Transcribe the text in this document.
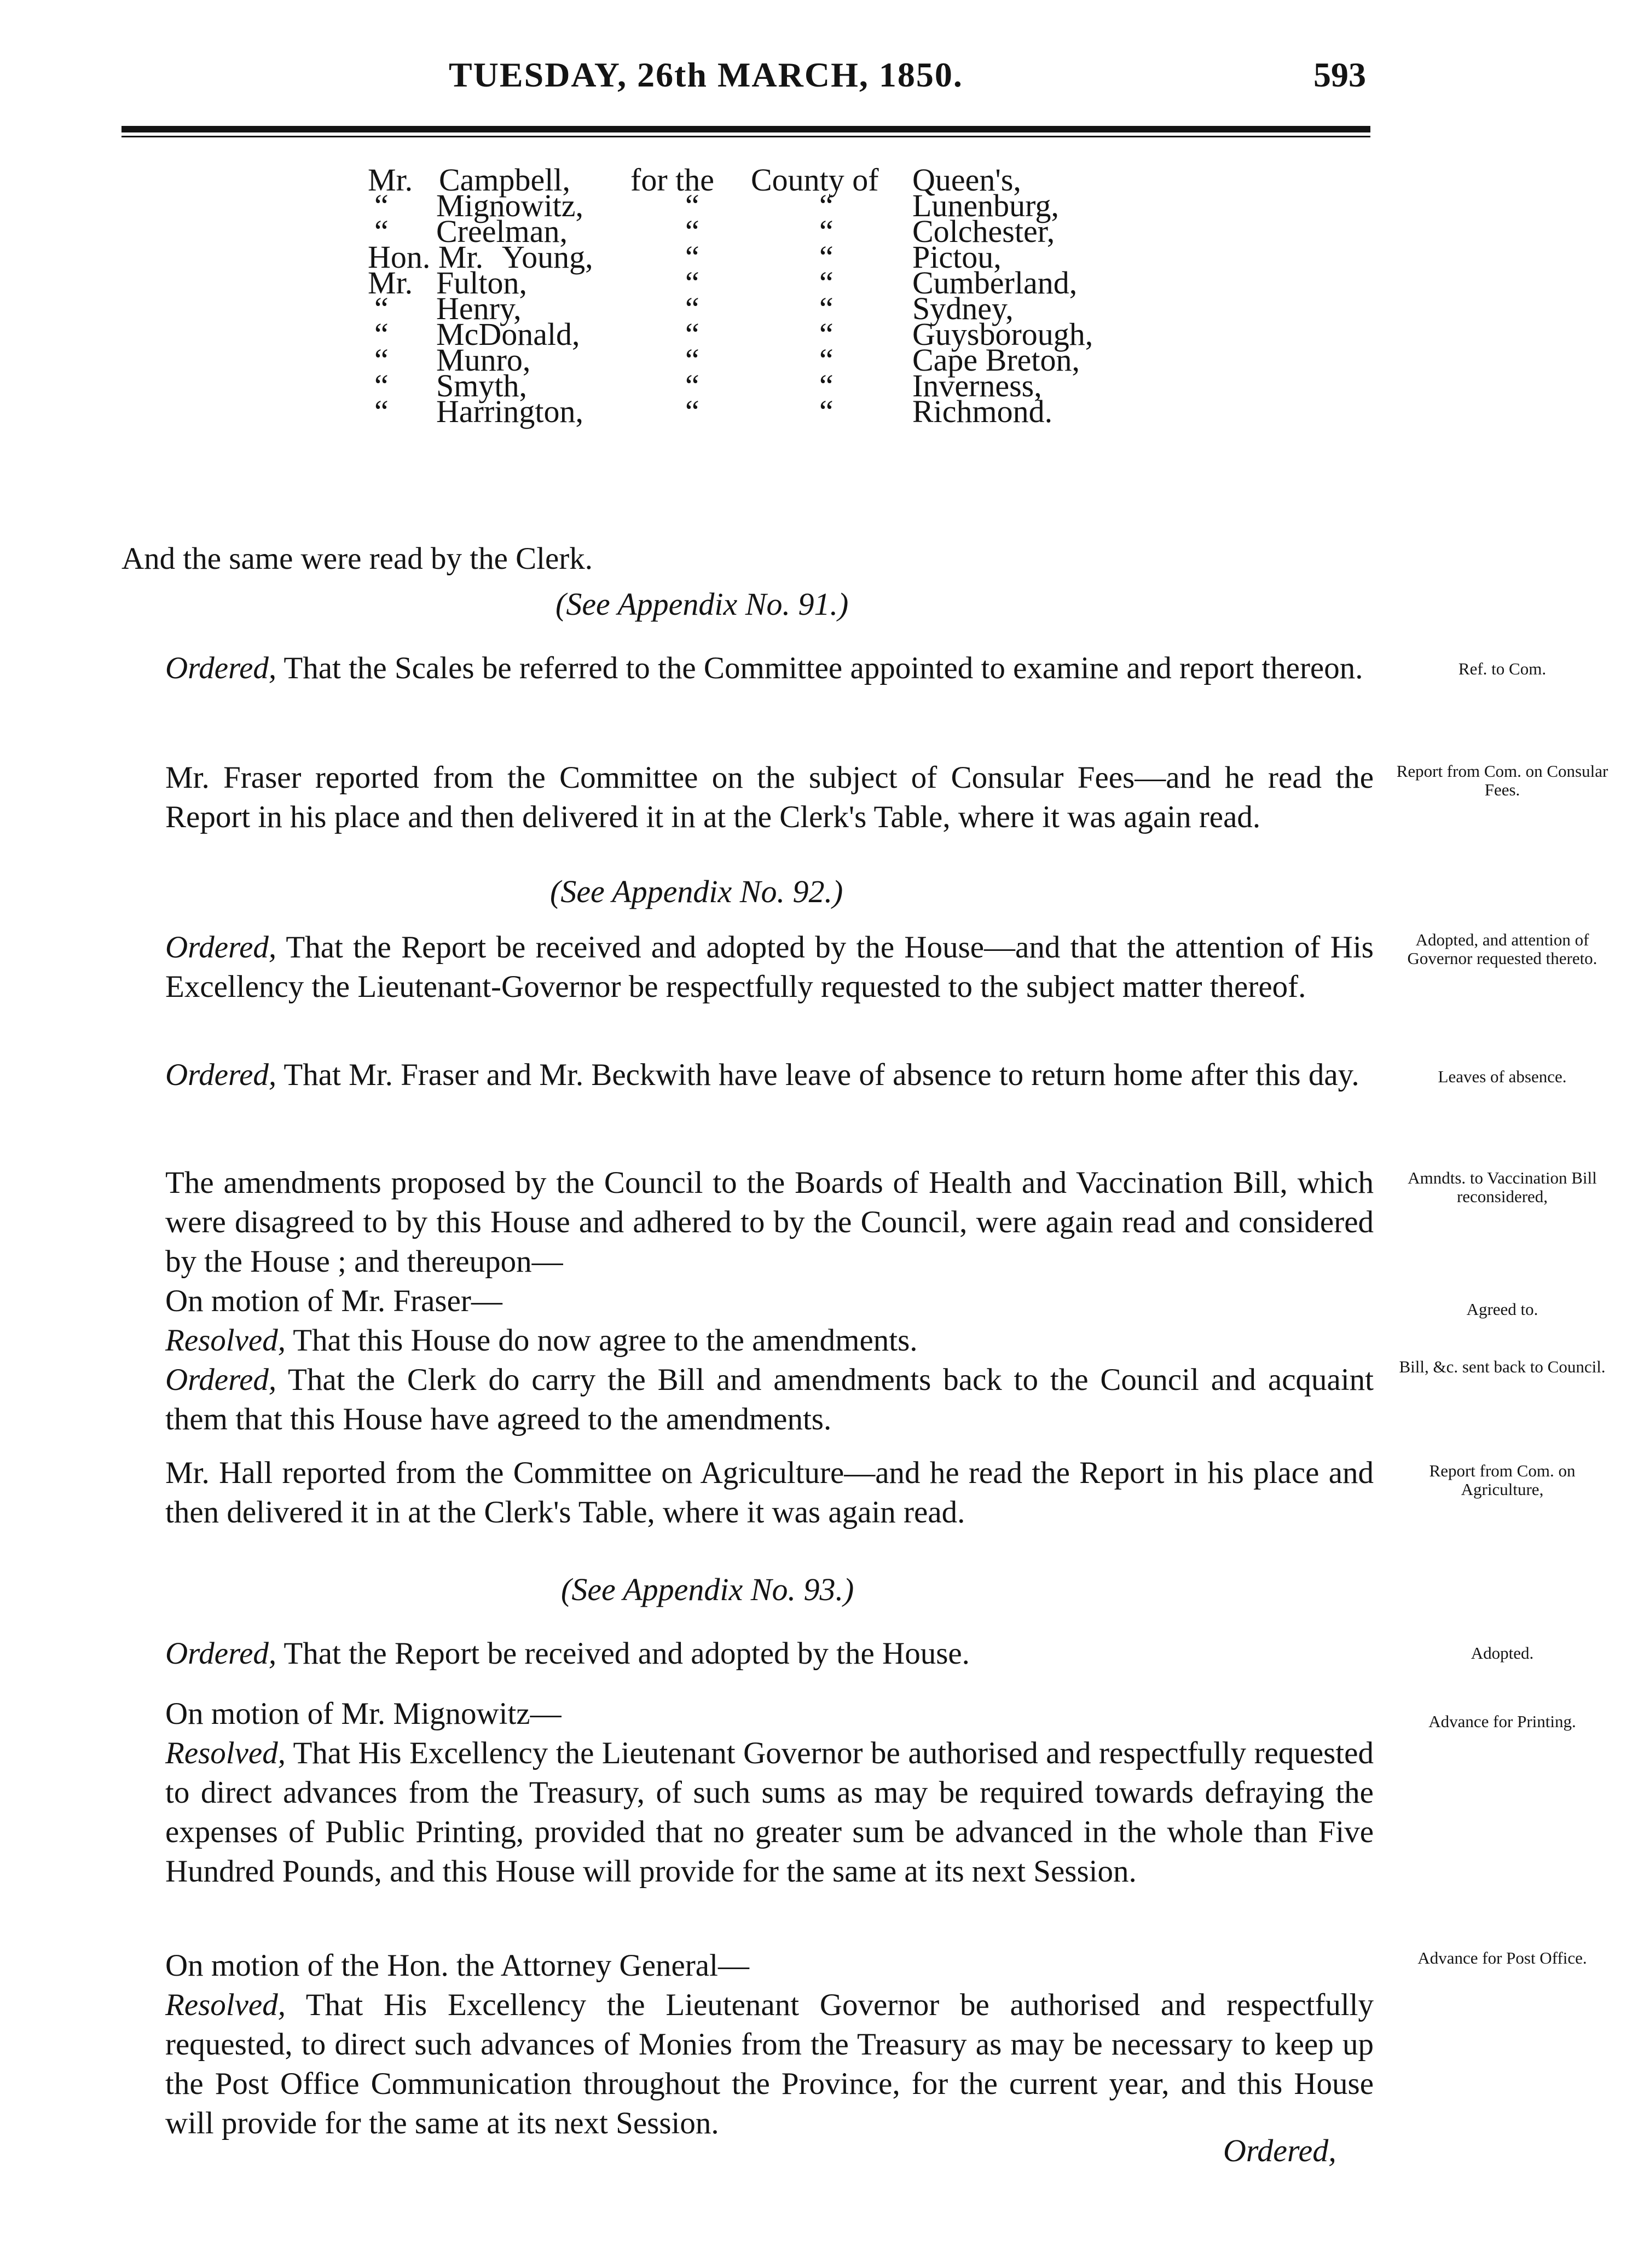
TUESDAY, 26th MARCH, 1850.	593
Mr. Campbell, for the County of Queen's,
“ Mignowitz,	“	“ Lunenburg,
“ Creelman,	“	“ Colchester,
Hon. Mr. Young,	“	“ Pictou,
Mr. Fulton,	“	“ Cumberland,
“ Henry,	“	“ Sydney,
“ McDonald,	“	“ Guysborough,
“ Munro,	“	“ Cape Breton,
“ Smyth,	“	“ Inverness,
“ Harrington,	“	“ Richmond.
And the same were read by the Clerk.
(See Appendix No. 91.)

Ordered, That the Scales be referred to the Committee appointed to examine and report thereon.	Ref. to Com.

Mr. Fraser reported from the Committee on the subject of Consular Fees—and he read the Report in his place and then delivered it in at the Clerk's Table, where it was again read.

Report from Com. on Consular Fees.
(See Appendix No. 92.)

Ordered, That the Report be received and adopted by the House—and that the attention of His Excellency the Lieutenant-Governor be respectfully requested to the subject matter thereof.

Adopted, and attention of Governor requested thereto.

Ordered, That Mr. Fraser and Mr. Beckwith have leave of absence to return home after this day.	Leaves of absence.

The amendments proposed by the Council to the Boards of Health and Vaccination Bill, which were disagreed to by this House and adhered to by the Council, were again read and considered by the House ; and thereupon—

On motion of Mr. Fraser—

Resolved, That this House do now agree to the amendments.

Ordered, That the Clerk do carry the Bill and amendments back to the Council and acquaint them that this House have agreed to the amendments.

Amndts. to Vaccination Bill reconsidered,
Agreed to.
Bill, &c. sent back to Council.

Mr. Hall reported from the Committee on Agriculture—and he read the Report in his place and then delivered it in at the Clerk's Table, where it was again read.

Report from Com. on Agriculture,
(See Appendix No. 93.)

Ordered, That the Report be received and adopted by the House.	Adopted.

On motion of Mr. Mignowitz—

Resolved, That His Excellency the Lieutenant Governor be authorised and respectfully requested to direct advances from the Treasury, of such sums as may be required towards defraying the expenses of Public Printing, provided that no greater sum be advanced in the whole than Five Hundred Pounds, and this House will provide for the same at its next Session.

Advance for Printing.

On motion of the Hon. the Attorney General—

Resolved, That His Excellency the Lieutenant Governor be authorised and respectfully requested, to direct such advances of Monies from the Treasury as may be necessary to keep up the Post Office Communication throughout the Province, for the current year, and this House will provide for the same at its next Session.

Advance for Post Office.
Ordered,
